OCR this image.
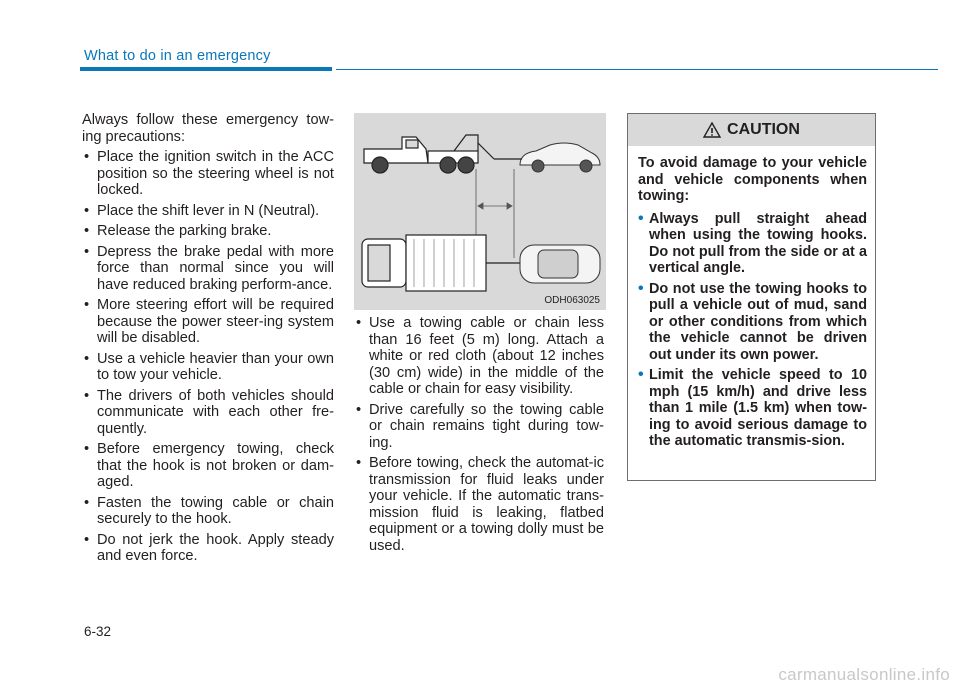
What to do in an emergency

Always follow these emergency tow-ing precautions:

• Place the ignition switch in the ACC position so the steering wheel is not locked.
• Place the shift lever in N (Neutral).
• Release the parking brake.
• Depress the brake pedal with more force than normal since you will have reduced braking perform-ance.
• More steering effort will be required because the power steer-ing system will be disabled.
• Use a vehicle heavier than your own to tow your vehicle.
• The drivers of both vehicles should communicate with each other fre-quently.
• Before emergency towing, check that the hook is not broken or dam-aged.
• Fasten the towing cable or chain securely to the hook.
• Do not jerk the hook. Apply steady and even force.
ODH063025
• Use a towing cable or chain less than 16 feet (5 m) long. Attach a white or red cloth (about 12 inches (30 cm) wide) in the middle of the cable or chain for easy visibility.
• Drive carefully so the towing cable or chain remains tight during tow-ing.
• Before towing, check the automat-ic transmission for fluid leaks under your vehicle. If the automatic trans-mission fluid is leaking, flatbed equipment or a towing dolly must be used.
CAUTION

To avoid damage to your vehicle and vehicle components when towing:

• Always pull straight ahead when using the towing hooks. Do not pull from the side or at a vertical angle.
• Do not use the towing hooks to pull a vehicle out of mud, sand or other conditions from which the vehicle cannot be driven out under its own power.
• Limit the vehicle speed to 10 mph (15 km/h) and drive less than 1 mile (1.5 km) when tow-ing to avoid serious damage to the automatic transmis-sion.
6-32
carmanualsonline.info
